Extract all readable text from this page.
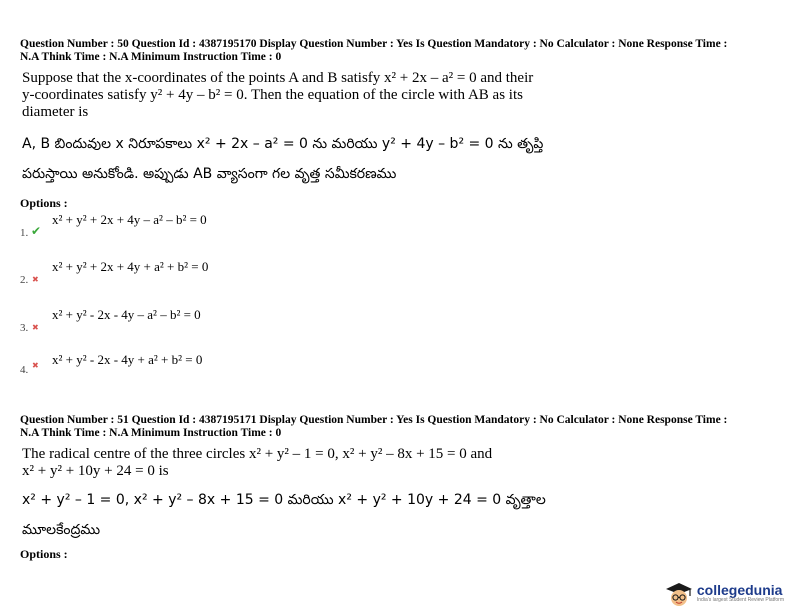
Question Number : 50 Question Id : 4387195170 Display Question Number : Yes Is Question Mandatory : No Calculator : None Response Time :
N.A Think Time : N.A Minimum Instruction Time : 0
Suppose that the x-coordinates of the points A and B satisfy x² + 2x – a² = 0 and their
y-coordinates satisfy y² + 4y – b² = 0. Then the equation of the circle with AB as its
diameter is
A, B బిందువుల x నిరూపకాలు x² + 2x – a² = 0 ను మరియు y² + 4y – b² = 0 ను తృప్తి
పరుస్తాయి అనుకోండి. అప్పుడు AB వ్యాసంగా గల వృత్త సమీకరణము
Options :
1. ✔
x² + y² + 2x + 4y – a² – b² = 0
2. ✖
x² + y² + 2x + 4y + a² + b² = 0
3. ✖
x² + y² - 2x - 4y – a² – b² = 0
4. ✖ x² + y² - 2x - 4y + a² + b² = 0
Question Number : 51 Question Id : 4387195171 Display Question Number : Yes Is Question Mandatory : No Calculator : None Response Time :
N.A Think Time : N.A Minimum Instruction Time : 0
The radical centre of the three circles x² + y² – 1 = 0, x² + y² – 8x + 15 = 0 and
x² + y² + 10y + 24 = 0 is
x² + y² – 1 = 0, x² + y² – 8x + 15 = 0 మరియు x² + y² + 10y + 24 = 0 వృత్తాల
మూలకేంద్రము
Options :
collegedunia
India's largest Student Review Platform
